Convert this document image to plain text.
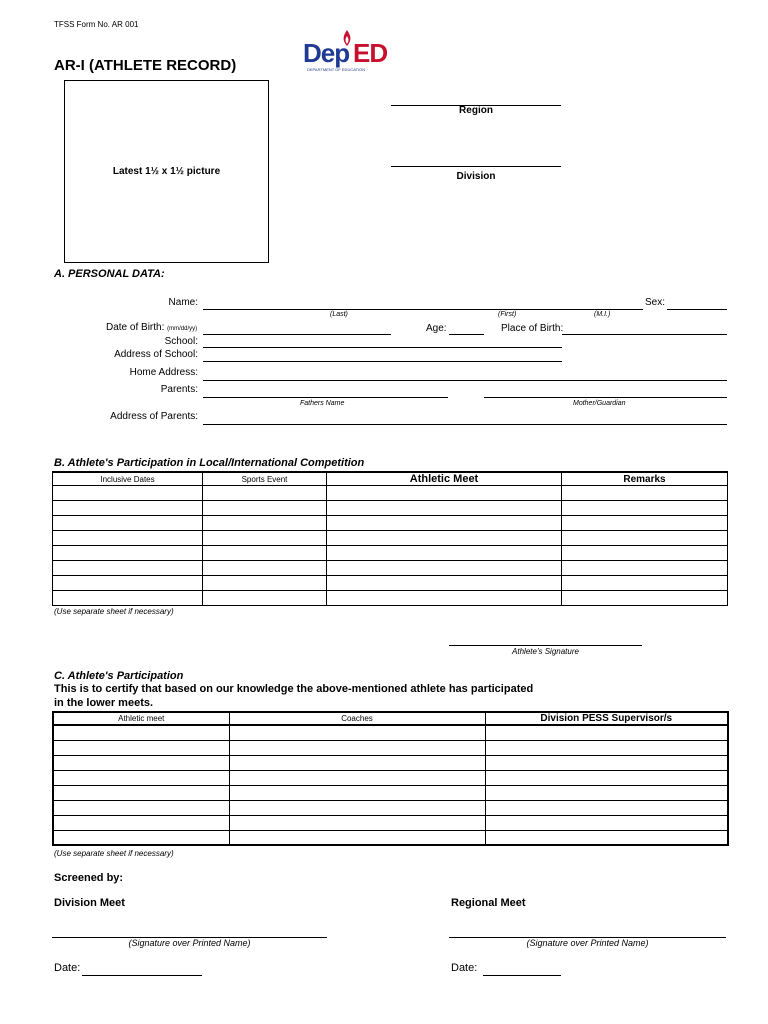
TFSS Form No. AR 001
AR-I (ATHLETE RECORD)	Dep ED
DEPARTMENT OF EDUCATION
Latest 1½ x 1½ picture
Region
Division
A. PERSONAL DATA:
Name:	Sex:
(Last)	(First)	(M.I.)
Date of Birth: (mm/dd/yy)	Age:	Place of Birth:
School:
Address of School:
Home Address:
Parents:
Fathers Name	Mother/Guardian
Address of Parents:
B. Athlete's Participation in Local/International Competition
Inclusive Dates	Sports Event	Athletic Meet	Remarks

(Use separate sheet if necessary)
Athlete's Signature
C. Athlete's Participation
This is to certify that based on our knowledge the above-mentioned athlete has participated
in the lower meets.
Athletic meet	Coaches	Division PESS Supervisor/s

(Use separate sheet if necessary)
Screened by:
Division Meet
(Signature over Printed Name)
Date:
Regional Meet
(Signature over Printed Name)
Date:
